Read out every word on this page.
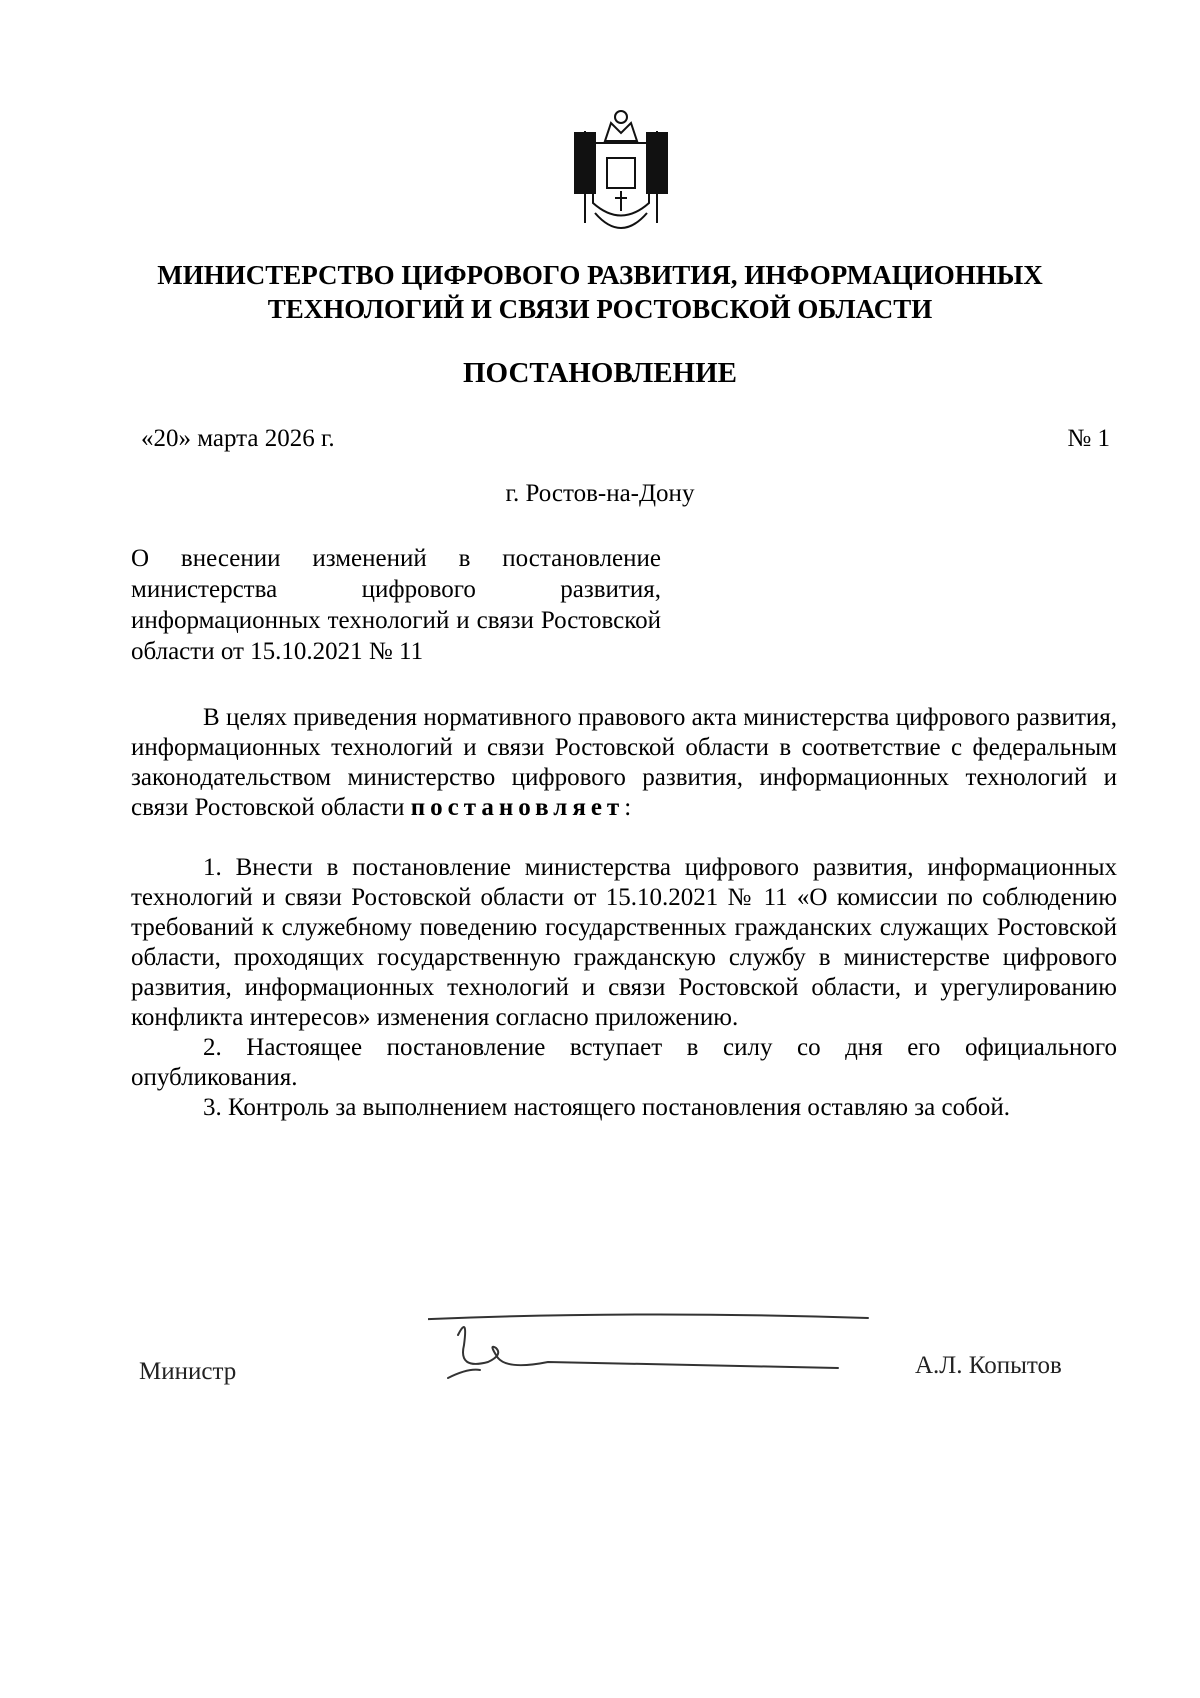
МИНИСТЕРСТВО ЦИФРОВОГО РАЗВИТИЯ, ИНФОРМАЦИОННЫХ
ТЕХНОЛОГИЙ И СВЯЗИ РОСТОВСКОЙ ОБЛАСТИ
ПОСТАНОВЛЕНИЕ
«20» марта 2026 г.	№ 1
г. Ростов-на-Дону
О внесении изменений в постановление министерства цифрового развития, информационных технологий и связи Ростовской области от 15.10.2021 № 11

В целях приведения нормативного правового акта министерства цифрового развития, информационных технологий и связи Ростовской области в соответствие с федеральным законодательством министерство цифрового развития, информационных технологий и связи Ростовской области постановляет:

1. Внести в постановление министерства цифрового развития, информационных технологий и связи Ростовской области от 15.10.2021 № 11 «О комиссии по соблюдению требований к служебному поведению государственных гражданских служащих Ростовской области, проходящих государственную гражданскую службу в министерстве цифрового развития, информационных технологий и связи Ростовской области, и урегулированию конфликта интересов» изменения согласно приложению.

2. Настоящее постановление вступает в силу со дня его официального опубликования.

3. Контроль за выполнением настоящего постановления оставляю за собой.

Министр	А.Л. Копытов
